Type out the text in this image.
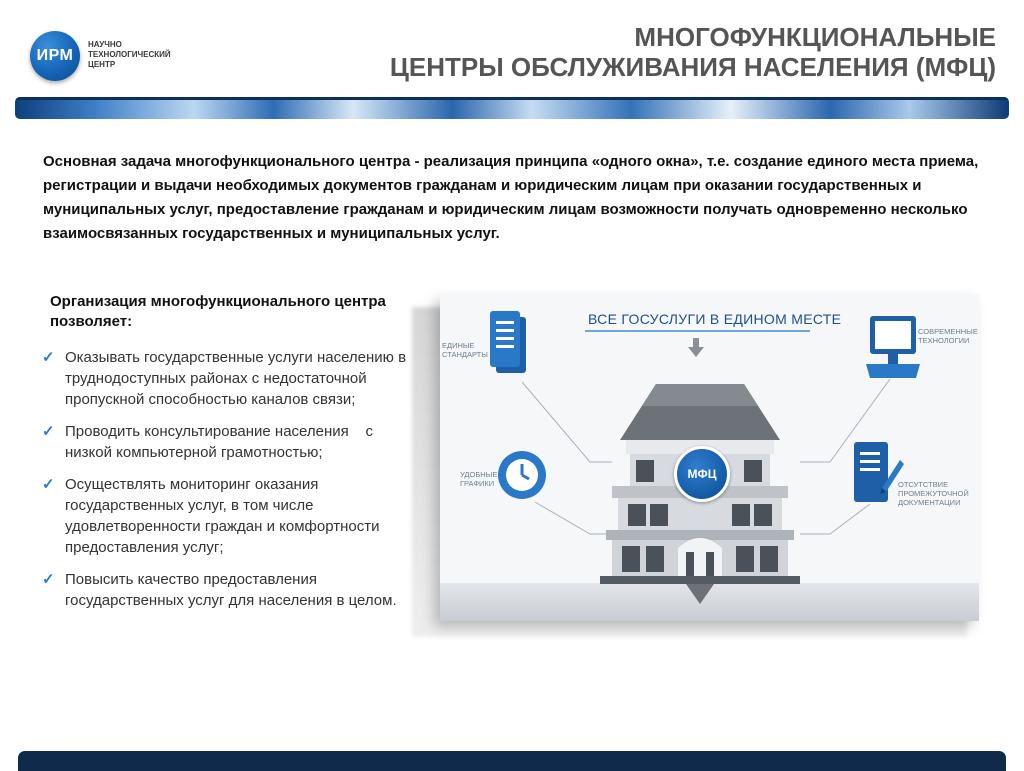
ИРМ
НАУЧНО
ТЕХНОЛОГИЧЕСКИЙ
ЦЕНТР
МНОГОФУНКЦИОНАЛЬНЫЕ
ЦЕНТРЫ ОБСЛУЖИВАНИЯ НАСЕЛЕНИЯ (МФЦ)

Основная задача многофункционального центра - реализация принципа «одного окна», т.е. создание единого места приема, регистрации и выдачи необходимых документов гражданам и юридическим лицам при оказании государственных и муниципальных услуг, предоставление гражданам и юридическим лицам возможности получать одновременно несколько взаимосвязанных государственных и муниципальных услуг.

Организация многофункционального центра позволяет:

✓ Оказывать государственные услуги населению в труднодоступных районах с недостаточной пропускной способностью каналов связи;
✓ Проводить консультирование населения    с низкой компьютерной грамотностью;
✓ Осуществлять мониторинг оказания государственных услуг, в том числе удовлетворенности граждан и комфортности предоставления услуг;
✓ Повысить качество предоставления государственных услуг для населения в целом.
ВСЕ ГОСУСЛУГИ В ЕДИНОМ МЕСТЕ
МФЦ
ЕДИНЫЕ
СТАНДАРТЫ
СОВРЕМЕННЫЕ
ТЕХНОЛОГИИ
УДОБНЫЕ
ГРАФИКИ	ОТСУТСТВИЕ
ПРОМЕЖУТОЧНОЙ
ДОКУМЕНТАЦИИ
